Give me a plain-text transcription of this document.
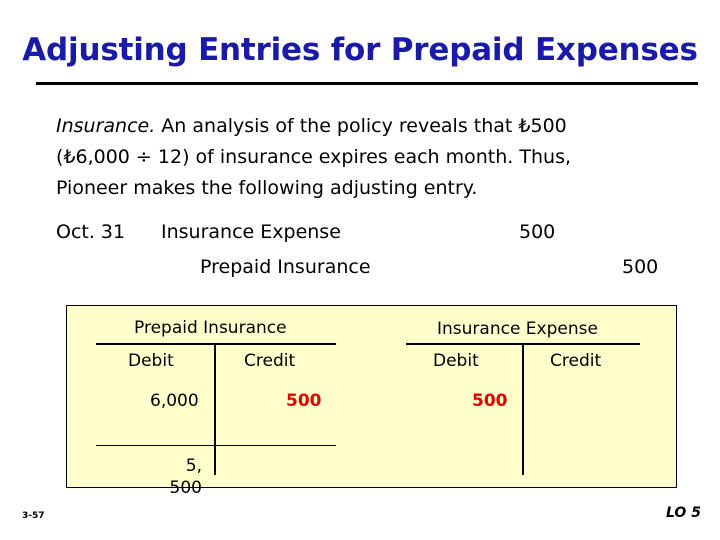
Adjusting Entries for Prepaid Expenses
Insurance. An analysis of the policy reveals that ₺500
(₺6,000 ÷ 12) of insurance expires each month. Thus,
Pioneer makes the following adjusting entry.
Oct. 31 Insurance Expense	500
Prepaid Insurance	500
Prepaid Insurance
Debit	Credit
6,000	500
5,
500
Insurance Expense
Debit	Credit
500
3-57	LO 5
